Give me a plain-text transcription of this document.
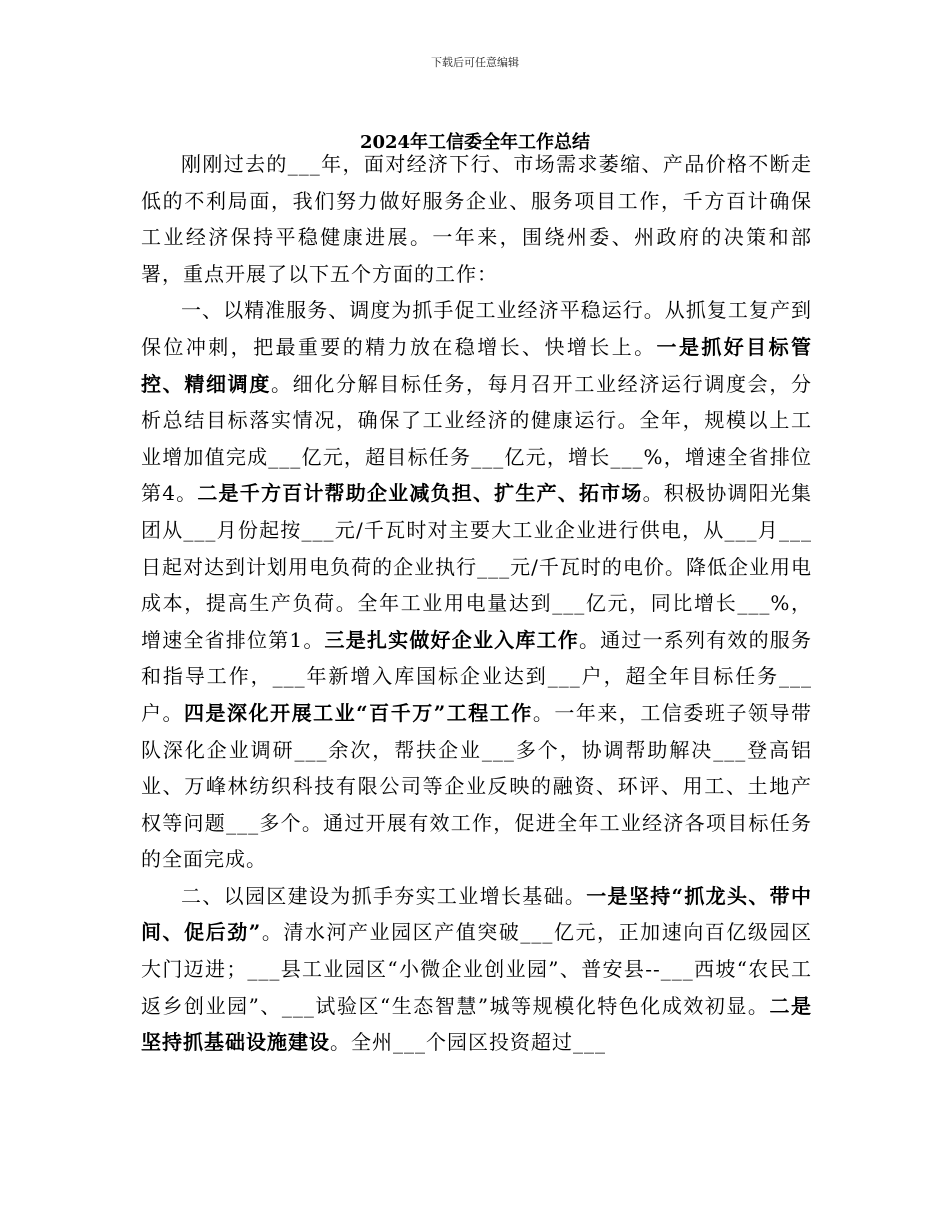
下载后可任意编辑
2024年工信委全年工作总结

刚刚过去的___年，面对经济下行、市场需求萎缩、产品价格不断走低的不利局面，我们努力做好服务企业、服务项目工作，千方百计确保工业经济保持平稳健康进展。一年来，围绕州委、州政府的决策和部署，重点开展了以下五个方面的工作：

一、以精准服务、调度为抓手促工业经济平稳运行。从抓复工复产到保位冲刺，把最重要的精力放在稳增长、快增长上。一是抓好目标管控、精细调度。细化分解目标任务，每月召开工业经济运行调度会，分析总结目标落实情况，确保了工业经济的健康运行。全年，规模以上工业增加值完成___亿元，超目标任务___亿元，增长___%，增速全省排位第4。二是千方百计帮助企业减负担、扩生产、拓市场。积极协调阳光集团从___月份起按___元/千瓦时对主要大工业企业进行供电，从___月___日起对达到计划用电负荷的企业执行___元/千瓦时的电价。降低企业用电成本，提高生产负荷。全年工业用电量达到___亿元，同比增长___%，增速全省排位第1。三是扎实做好企业入库工作。通过一系列有效的服务和指导工作，___年新增入库国标企业达到___户，超全年目标任务___户。四是深化开展工业“百千万”工程工作。一年来，工信委班子领导带队深化企业调研___余次，帮扶企业___多个，协调帮助解决___登高铝业、万峰林纺织科技有限公司等企业反映的融资、环评、用工、土地产权等问题___多个。通过开展有效工作，促进全年工业经济各项目标任务的全面完成。

二、以园区建设为抓手夯实工业增长基础。一是坚持“抓龙头、带中间、促后劲”。清水河产业园区产值突破___亿元，正加速向百亿级园区大门迈进；___县工业园区“小微企业创业园”、普安县--___西坡“农民工返乡创业园”、___试验区“生态智慧”城等规模化特色化成效初显。二是坚持抓基础设施建设。全州___个园区投资超过___
